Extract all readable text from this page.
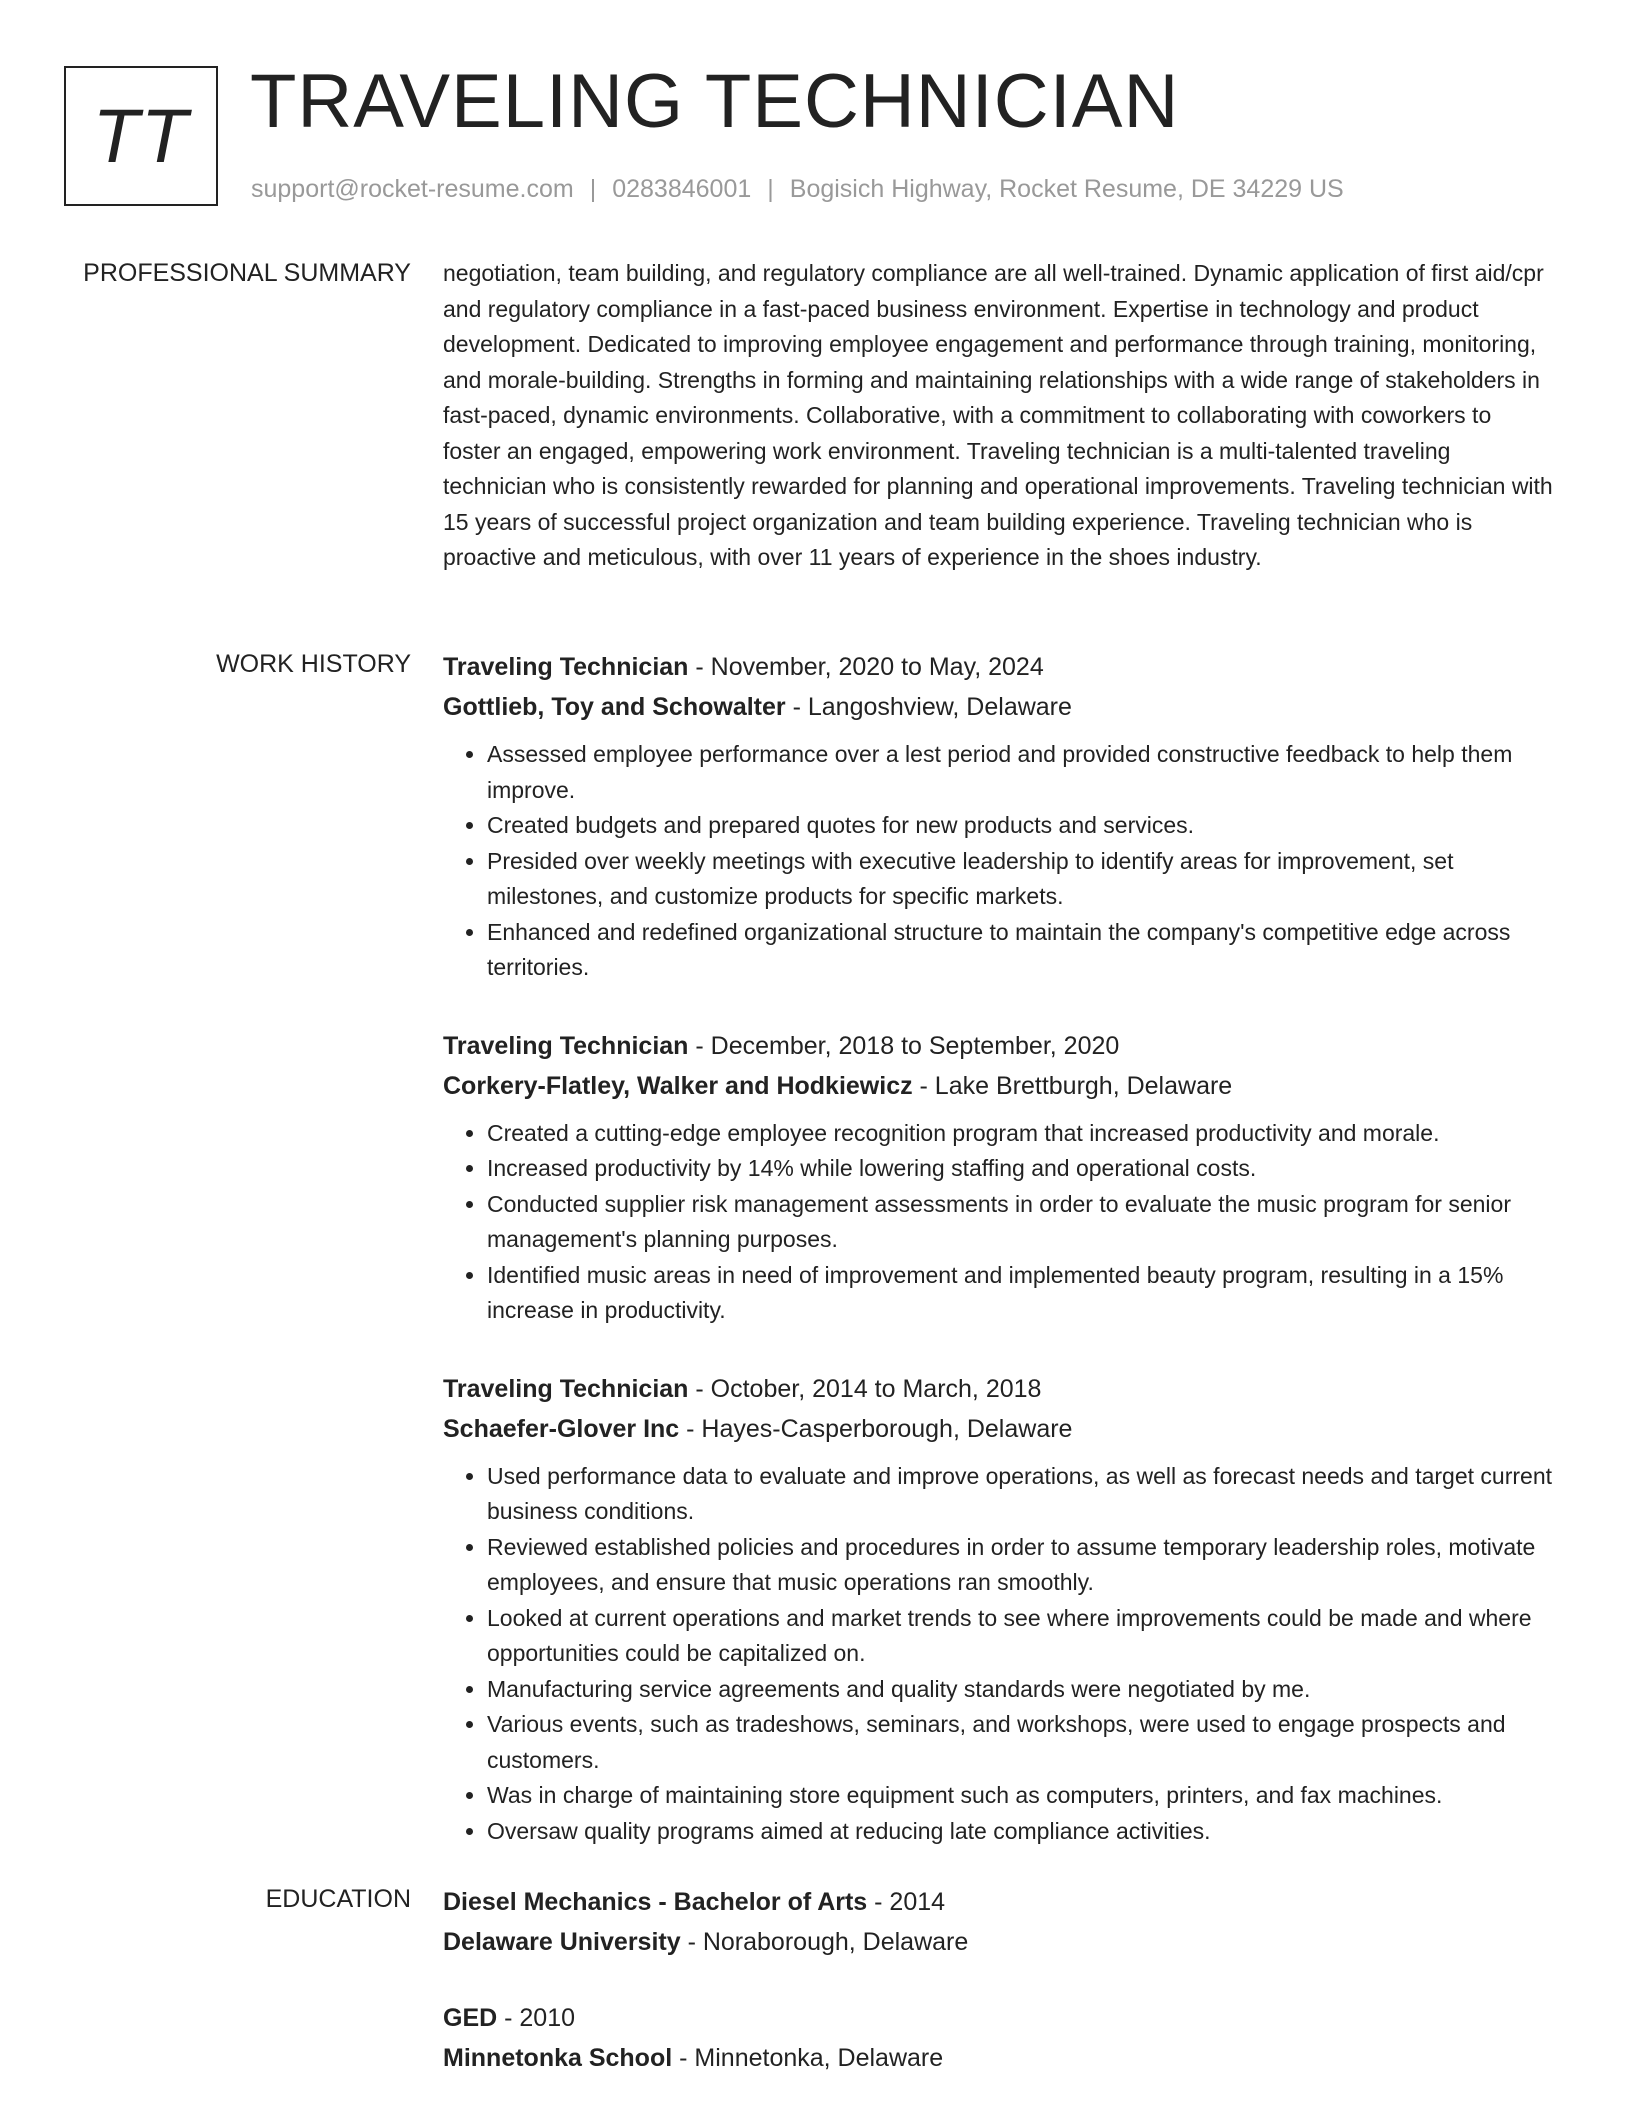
TT TRAVELING TECHNICIAN
support@rocket-resume.com | 0283846001 | Bogisich Highway, Rocket Resume, DE 34229 US
PROFESSIONAL SUMMARY negotiation, team building, and regulatory compliance are all well-trained. Dynamic application of first aid/cpr and regulatory compliance in a fast-paced business environment. Expertise in technology and product development. Dedicated to improving employee engagement and performance through training, monitoring, and morale-building. Strengths in forming and maintaining relationships with a wide range of stakeholders in fast-paced, dynamic environments. Collaborative, with a commitment to collaborating with coworkers to foster an engaged, empowering work environment. Traveling technician is a multi-talented traveling technician who is consistently rewarded for planning and operational improvements. Traveling technician with 15 years of successful project organization and team building experience. Traveling technician who is proactive and meticulous, with over 11 years of experience in the shoes industry.

WORK HISTORY Traveling Technician - November, 2020 to May, 2024
Gottlieb, Toy and Schowalter - Langoshview, Delaware
• Assessed employee performance over a lest period and provided constructive feedback to help them improve.
• Created budgets and prepared quotes for new products and services.
• Presided over weekly meetings with executive leadership to identify areas for improvement, set milestones, and customize products for specific markets.
• Enhanced and redefined organizational structure to maintain the company's competitive edge across territories.
Traveling Technician - December, 2018 to September, 2020
Corkery-Flatley, Walker and Hodkiewicz - Lake Brettburgh, Delaware
• Created a cutting-edge employee recognition program that increased productivity and morale.
• Increased productivity by 14% while lowering staffing and operational costs.
• Conducted supplier risk management assessments in order to evaluate the music program for senior management's planning purposes.
• Identified music areas in need of improvement and implemented beauty program, resulting in a 15% increase in productivity.
Traveling Technician - October, 2014 to March, 2018
Schaefer-Glover Inc - Hayes-Casperborough, Delaware
• Used performance data to evaluate and improve operations, as well as forecast needs and target current business conditions.
• Reviewed established policies and procedures in order to assume temporary leadership roles, motivate employees, and ensure that music operations ran smoothly.
• Looked at current operations and market trends to see where improvements could be made and where opportunities could be capitalized on.
• Manufacturing service agreements and quality standards were negotiated by me.
• Various events, such as tradeshows, seminars, and workshops, were used to engage prospects and customers.
• Was in charge of maintaining store equipment such as computers, printers, and fax machines.
• Oversaw quality programs aimed at reducing late compliance activities.
EDUCATION Diesel Mechanics - Bachelor of Arts - 2014
Delaware University - Noraborough, Delaware
GED - 2010
Minnetonka School - Minnetonka, Delaware
